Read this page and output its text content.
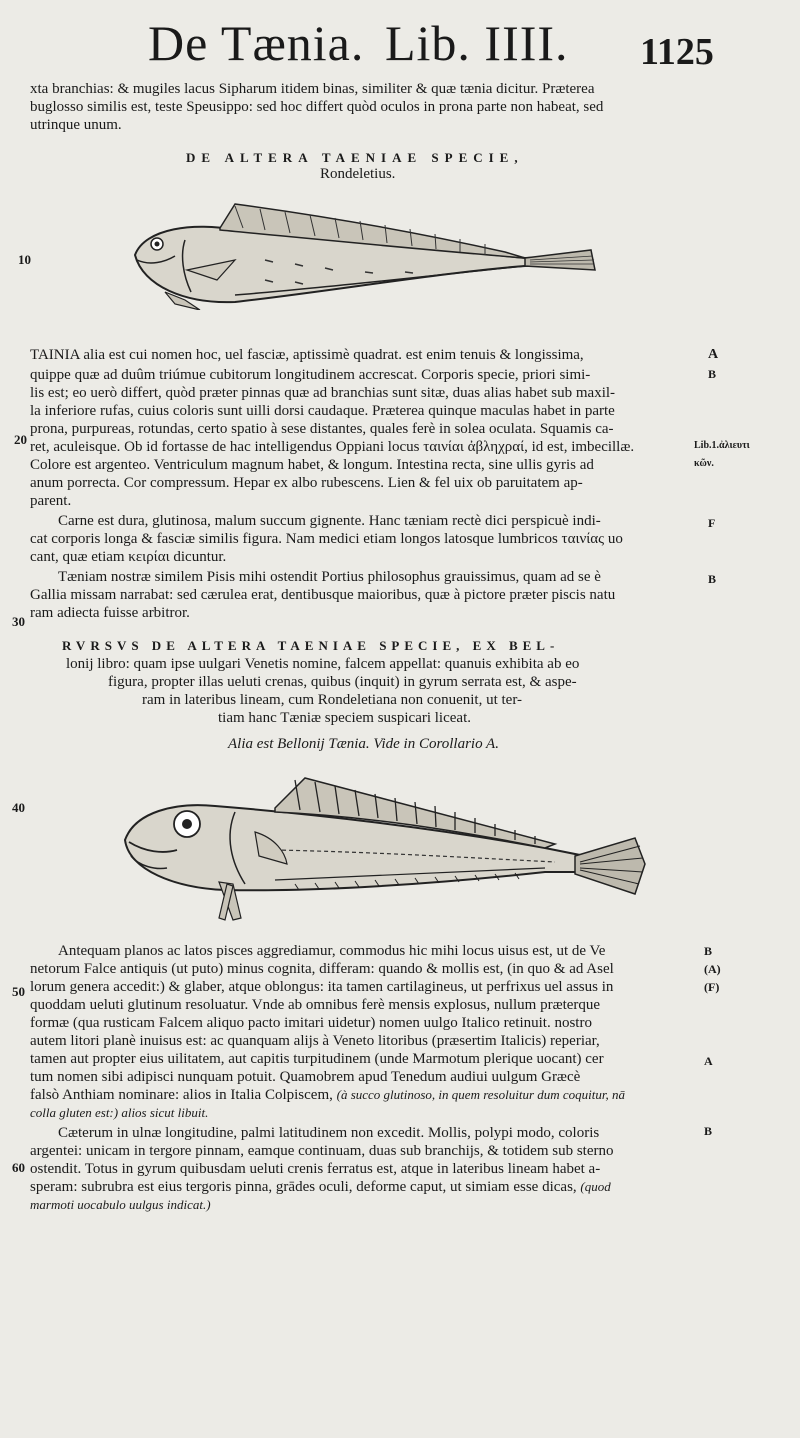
De Tænia. Lib. IIII. 1125
xta branchias: & mugiles lacus Sipharum itidem binas, similiter & quæ tænia dicitur. Præterea
buglosso similis est, teste Speusippo: sed hoc differt quòd oculos in prona parte non habeat, sed
utrinque unum.
DE ALTERA TAENIAE SPECIE,
Rondeletius.
TAINIA alia est cui nomen hoc, uel fasciæ, aptissimè quadrat. est enim tenuis & longissima,
quippe quæ ad duûm triúmue cubitorum longitudinem accrescat. Corporis specie, priori simi-
lis est; eo uerò differt, quòd præter pinnas quæ ad branchias sunt sitæ, duas alias habet sub maxil-
la inferiore rufas, cuius coloris sunt uilli dorsi caudaque. Præterea quinque maculas habet in parte
prona, purpureas, rotundas, certo spatio à sese distantes, quales ferè in solea oculata. Squamis ca-
ret, aculeisque. Ob id fortasse de hac intelligendus Oppiani locus ταινίαι ἀβληχραί, id est, imbecillæ.
Colore est argenteo. Ventriculum magnum habet, & longum. Intestina recta, sine ullis gyris ad
anum porrecta. Cor compressum. Hepar ex albo rubescens. Lien & fel uix ob paruitatem ap-
parent.
Carne est dura, glutinosa, malum succum gignente. Hanc tæniam rectè dici perspicuè indi-
cat corporis longa & fasciæ similis figura. Nam medici etiam longos latosque lumbricos ταινίας uo
cant, quæ etiam κειρίαι dicuntur.
Tæniam nostræ similem Pisis mihi ostendit Portius philosophus grauissimus, quam ad se è
Gallia missam narrabat: sed cærulea erat, dentibusque maioribus, quæ à pictore præter piscis natu
ram adiecta fuisse arbitror.
RVRSVS DE ALTERA TAENIAE SPECIE, EX BEL-
lonij libro: quam ipse uulgari Venetis nomine, falcem appellat: quanuis exhibita ab eo
figura, propter illas ueluti crenas, quibus (inquit) in gyrum serrata est, & aspe-
ram in lateribus lineam, cum Rondeletiana non conuenit, ut ter-
tiam hanc Tæniæ speciem suspicari liceat.
Alia est Bellonij Tænia. Vide in Corollario A.
Antequam planos ac latos pisces aggrediamur, commodus hic mihi locus uisus est, ut de Ve
netorum Falce antiquis (ut puto) minus cognita, differam: quando & mollis est, (in quo & ad Asel
lorum genera accedit:) & glaber, atque oblongus: ita tamen cartilagineus, ut perfrixus uel assus in
quoddam ueluti glutinum resoluatur. Vnde ab omnibus ferè mensis explosus, nullum præterque
formæ (qua rusticam Falcem aliquo pacto imitari uidetur) nomen uulgo Italico retinuit. nostro
autem litori planè inuisus est: ac quanquam alijs à Veneto litoribus (præsertim Italicis) reperiar,
tamen aut propter eius uilitatem, aut capitis turpitudinem (unde Marmotum plerique uocant) cer
tum nomen sibi adipisci nunquam potuit. Quamobrem apud Tenedum audiui uulgum Græcè
falsò Anthiam nominare: alios in Italia Colpiscem, (à succo glutinoso, in quem resoluitur dum coquitur, nā
colla gluten est:) alios sicut libuit.
Cæterum in ulnæ longitudine, palmi latitudinem non excedit. Mollis, polypi modo, coloris
argentei: unicam in tergore pinnam, eamque continuam, duas sub branchijs, & totidem sub sterno
ostendit. Totus in gyrum quibusdam ueluti crenis ferratus est, atque in lateribus lineam habet a-
speram: subrubra est eius tergoris pinna, grādes oculi, deforme caput, ut simiam esse dicas, (quod
marmoti uocabulo uulgus indicat.)
A
B
Lib.1.ἀλιευτι
κῶν.
F
B
B
(A)
(F)
A
B
10
20
30
40
50
60
